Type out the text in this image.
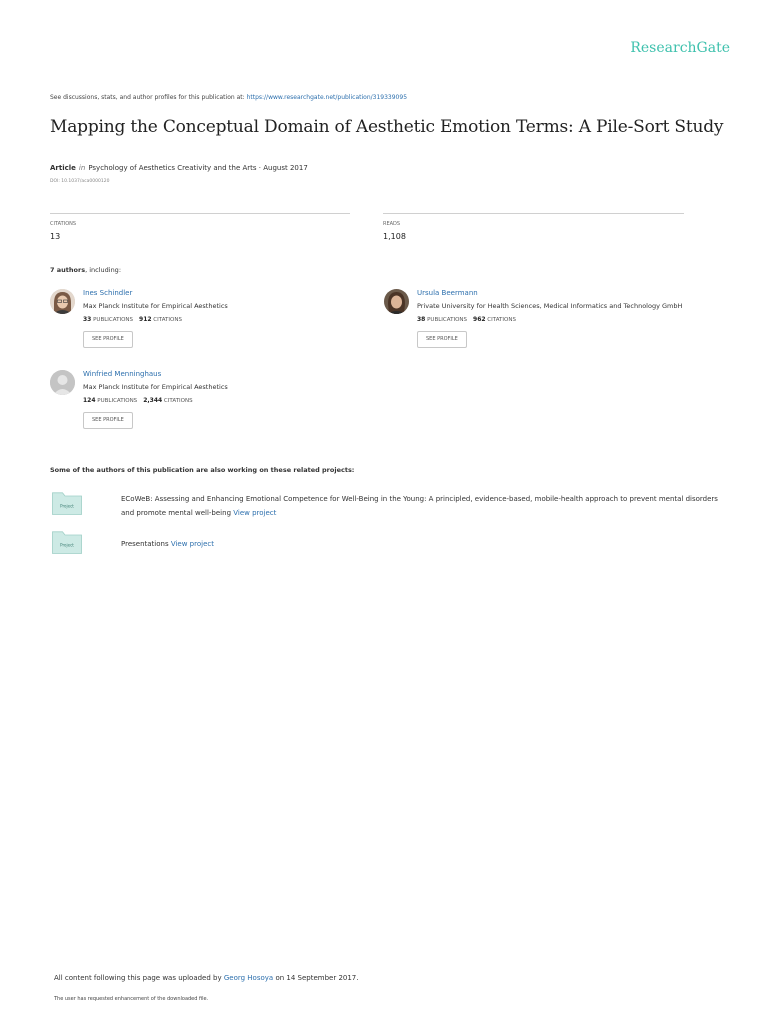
ResearchGate
See discussions, stats, and author profiles for this publication at: https://www.researchgate.net/publication/319339095
Mapping the Conceptual Domain of Aesthetic Emotion Terms: A Pile-Sort Study
Article in Psychology of Aesthetics Creativity and the Arts · August 2017
DOI: 10.1037/aca0000120
CITATIONS
13
READS
1,108
7 authors, including:
Ines Schindler
Max Planck Institute for Empirical Aesthetics
33 PUBLICATIONS 912 CITATIONS
SEE PROFILE
Ursula Beermann
Private University for Health Sciences, Medical Informatics and Technology GmbH
38 PUBLICATIONS 962 CITATIONS
SEE PROFILE
Winfried Menninghaus
Max Planck Institute for Empirical Aesthetics
124 PUBLICATIONS 2,344 CITATIONS
SEE PROFILE
Some of the authors of this publication are also working on these related projects:
Project
ECoWeB: Assessing and Enhancing Emotional Competence for Well-Being in the Young: A principled, evidence-based, mobile-health approach to prevent mental disorders and promote mental well-being View project
Project	Presentations View project
All content following this page was uploaded by Georg Hosoya on 14 September 2017.
The user has requested enhancement of the downloaded file.
